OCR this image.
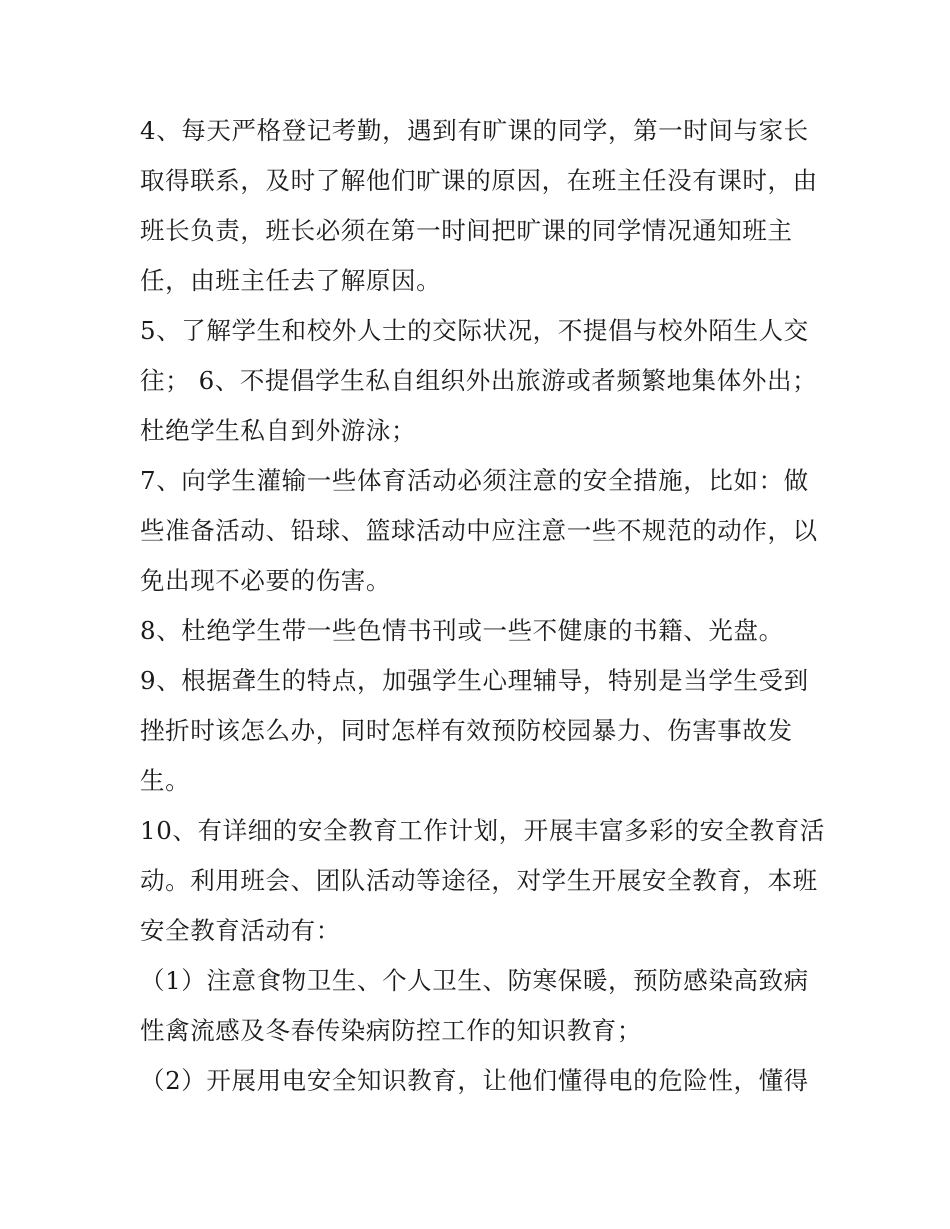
4、每天严格登记考勤，遇到有旷课的同学，第一时间与家长
取得联系，及时了解他们旷课的原因，在班主任没有课时，由
班长负责，班长必须在第一时间把旷课的同学情况通知班主
任，由班主任去了解原因。
5、了解学生和校外人士的交际状况，不提倡与校外陌生人交
往； 6、不提倡学生私自组织外出旅游或者频繁地集体外出；
杜绝学生私自到外游泳；
7、向学生灌输一些体育活动必须注意的安全措施，比如：做
些准备活动、铅球、篮球活动中应注意一些不规范的动作，以
免出现不必要的伤害。
8、杜绝学生带一些色情书刊或一些不健康的书籍、光盘。
9、根据聋生的特点，加强学生心理辅导，特别是当学生受到
挫折时该怎么办，同时怎样有效预防校园暴力、伤害事故发
生。
10、有详细的安全教育工作计划，开展丰富多彩的安全教育活
动。利用班会、团队活动等途径，对学生开展安全教育，本班
安全教育活动有：
（1）注意食物卫生、个人卫生、防寒保暖，预防感染高致病
性禽流感及冬春传染病防控工作的知识教育；
（2）开展用电安全知识教育，让他们懂得电的危险性，懂得
